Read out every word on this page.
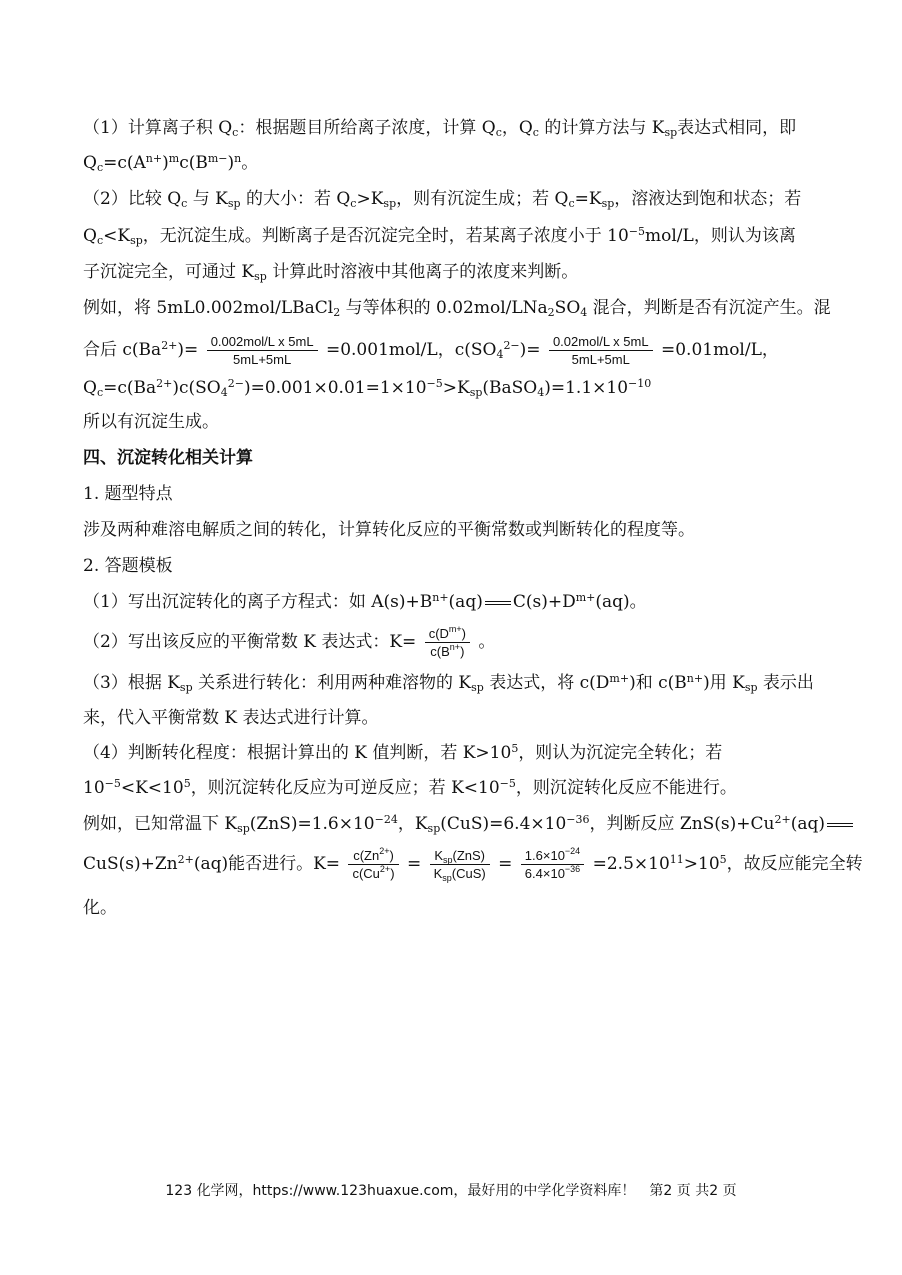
（1）计算离子积 $Q_c$：根据题目所给离子浓度，计算 $Q_c$，$Q_c$ 的计算方法与 $K_{sp}$表达式相同，即
$Q_c=c(A^{n+})^mc(B^{m-})^n$。
（2）比较 $Q_c$ 与 $K_{sp}$ 的大小：若 $Q_c>K_{sp}$，则有沉淀生成；若 $Q_c=K_{sp}$，溶液达到饱和状态；若
$Q_c<K_{sp}$，无沉淀生成。判断离子是否沉淀完全时，若某离子浓度小于 $10^{-5}mol/L$，则认为该离
子沉淀完全，可通过 $K_{sp}$ 计算此时溶液中其他离子的浓度来判断。
例如，将 5mL0.002mol/LBaCl$_2$ 与等体积的 $0.02mol/LNa_2SO_4$ 混合，判断是否有沉淀产生。混
合后 $c(Ba^{2+})= \frac{\text{0.002mol/L x 5mL}}{5mL+5mL} =0.001mol/L$，$c(SO_4^{2-})= \frac{\text{0.02mol/L x 5mL}}{5mL+5mL} =0.01mol/L$，
$Q_c=c(Ba^{2+})c(SO_4^{2-})=0.001\times 0.01=1\times 10^{-5}>K_{sp}(BaSO_4)=1.1\times 10^{-10}$
所以有沉淀生成。
四、沉淀转化相关计算
1. 题型特点
涉及两种难溶电解质之间的转化，计算转化反应的平衡常数或判断转化的程度等。
2. 答题模板
（1）写出沉淀转化的离子方程式：如 $A(s)+B^{n+}(aq)$ $C(s)+D^{m+}(aq)$。
（2）写出该反应的平衡常数 K 表达式：$K= \frac{c(D^{m+})}{c(B^{n+})}$ 。
（3）根据 $K_{sp}$ 关系进行转化：利用两种难溶物的 $K_{sp}$ 表达式，将 $c(D^{m+})$和 $c(B^{n+})$用 $K_{sp}$ 表示出
来，代入平衡常数 K 表达式进行计算。
（4）判断转化程度：根据计算出的 K 值判断，若 $K>10^5$，则认为沉淀完全转化；若
$10^{-5}<K<10^5$，则沉淀转化反应为可逆反应；若 $K<10^{-5}$，则沉淀转化反应不能进行。
例如，已知常温下 $K_{sp}(ZnS)=1.6\times 10^{-24}$，$K_{sp}(CuS)=6.4\times 10^{-36}$，判断反应 $ZnS(s)+Cu^{2+}(aq)$
$CuS(s)+Zn^{2+}(aq)$能否进行。$K= \frac{c(Zn^{2+})}{c(Cu^{2+})} = \frac{K_{sp}(ZnS)}{K_{sp}(CuS)} = \frac{1.6\times 10^{-24}}{6.4\times 10^{-36}} =2.5\times 10^{11}>10^5$，故反应能完全转
化。
123 化学网，https://www.123huaxue.com，最好用的中学化学资料库！　第2 页 共2 页
